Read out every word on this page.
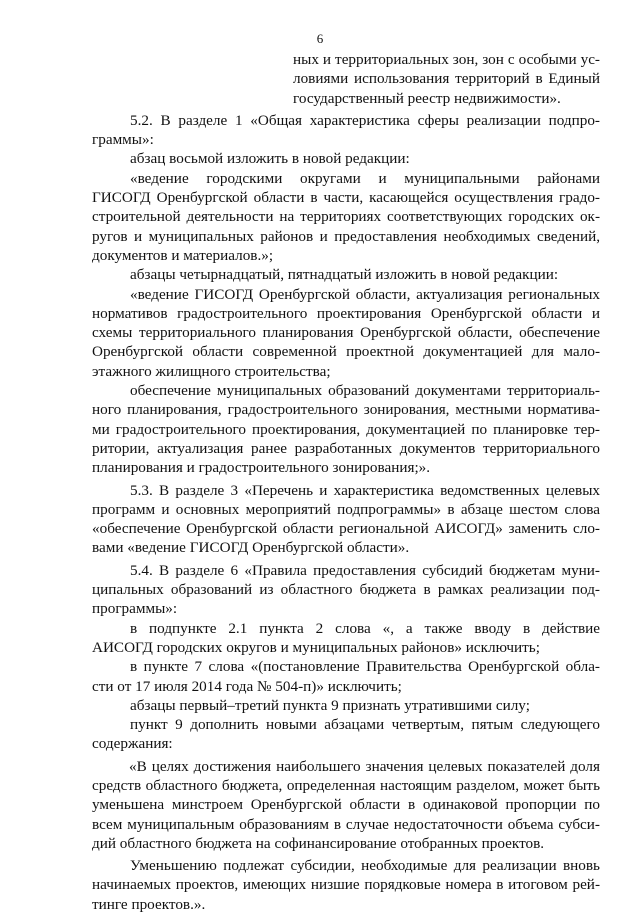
6
ных и территориальных зон, зон с особыми ус-
ловиями использования территорий в Единый
государственный реестр недвижимости».
5.2. В разделе 1 «Общая характеристика сферы реализации подпро-
граммы»:
абзац восьмой изложить в новой редакции:
«ведение городскими округами и муниципальными районами
ГИСОГД Оренбургской области в части, касающейся осуществления градо-
строительной деятельности на территориях соответствующих городских ок-
ругов и муниципальных районов и предоставления необходимых сведений,
документов и материалов.»;
абзацы четырнадцатый, пятнадцатый изложить в новой редакции:
«ведение ГИСОГД Оренбургской области, актуализация региональных
нормативов градостроительного проектирования Оренбургской области и
схемы территориального планирования Оренбургской области, обеспечение
Оренбургской области современной проектной документацией для мало-
этажного жилищного строительства;
обеспечение муниципальных образований документами территориаль-
ного планирования, градостроительного зонирования, местными норматива-
ми градостроительного проектирования, документацией по планировке тер-
ритории, актуализация ранее разработанных документов территориального
планирования и градостроительного зонирования;».
5.3. В разделе 3 «Перечень и характеристика ведомственных целевых
программ и основных мероприятий подпрограммы» в абзаце шестом слова
«обеспечение Оренбургской области региональной АИСОГД» заменить сло-
вами «ведение ГИСОГД Оренбургской области».
5.4. В разделе 6 «Правила предоставления субсидий бюджетам муни-
ципальных образований из областного бюджета в рамках реализации под-
программы»:
в подпункте 2.1 пункта 2 слова «, а также вводу в действие
АИСОГД городских округов и муниципальных районов» исключить;
в пункте 7 слова «(постановление Правительства Оренбургской обла-
сти от 17 июля 2014 года № 504-п)» исключить;
абзацы первый–третий пункта 9 признать утратившими силу;
пункт 9 дополнить новыми абзацами четвертым, пятым следующего
содержания:
«В целях достижения наибольшего значения целевых показателей доля
средств областного бюджета, определенная настоящим разделом, может быть
уменьшена минстроем Оренбургской области в одинаковой пропорции по
всем муниципальным образованиям в случае недостаточности объема субси-
дий областного бюджета на софинансирование отобранных проектов.
Уменьшению подлежат субсидии, необходимые для реализации вновь
начинаемых проектов, имеющих низшие порядковые номера в итоговом рей-
тинге проектов.».
